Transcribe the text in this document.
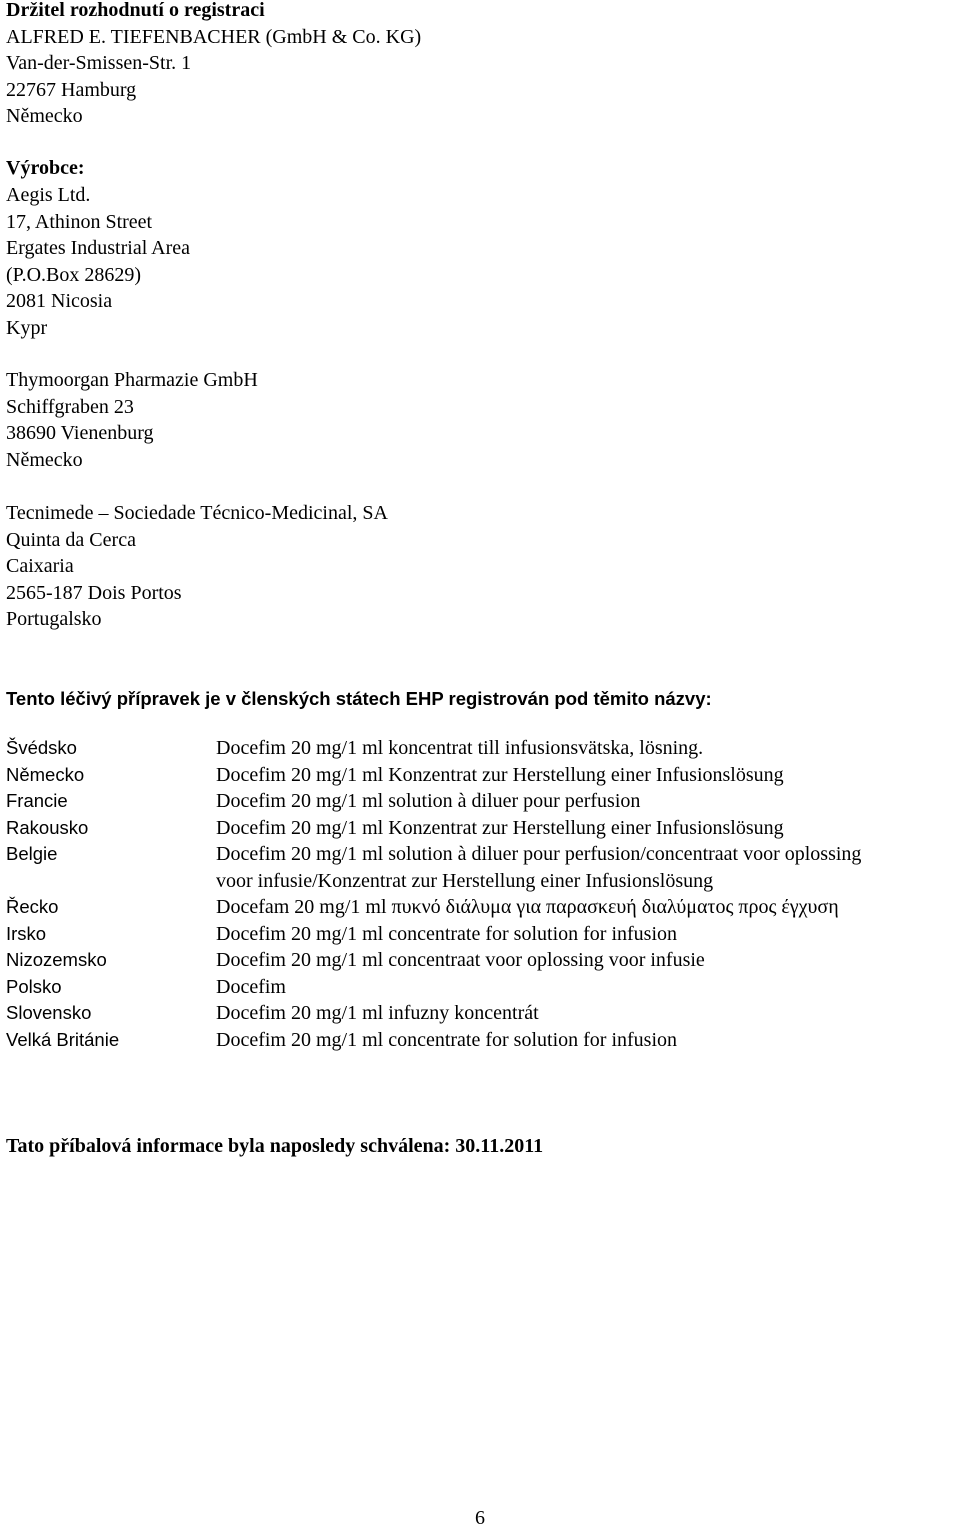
Držitel rozhodnutí o registraci
ALFRED E. TIEFENBACHER (GmbH & Co. KG)
Van-der-Smissen-Str. 1
22767 Hamburg
Německo
Výrobce:
Aegis Ltd.
17, Athinon Street
Ergates Industrial Area
(P.O.Box 28629)
2081 Nicosia
Kypr
Thymoorgan Pharmazie GmbH
Schiffgraben 23
38690 Vienenburg
Německo
Tecnimede – Sociedade Técnico-Medicinal, SA
Quinta da Cerca
Caixaria
2565-187 Dois Portos
Portugalsko
Tento léčivý přípravek je v členských státech EHP registrován pod těmito názvy:
Švédsko	Docefim 20 mg/1 ml koncentrat till infusionsvätska, lösning.
Německo	Docefim 20 mg/1 ml Konzentrat zur Herstellung einer Infusionslösung
Francie	Docefim 20 mg/1 ml solution à diluer pour perfusion
Rakousko	Docefim 20 mg/1 ml Konzentrat zur Herstellung einer Infusionslösung
Belgie	Docefim 20 mg/1 ml solution à diluer pour perfusion/concentraat voor oplossing
voor infusie/Konzentrat zur Herstellung einer Infusionslösung
Řecko	Docefam 20 mg/1 ml πυκνό διάλυμα για παρασκευή διαλύματος προς έγχυση
Irsko	Docefim 20 mg/1 ml concentrate for solution for infusion
Nizozemsko	Docefim 20 mg/1 ml concentraat voor oplossing voor infusie
Polsko	Docefim
Slovensko	Docefim 20 mg/1 ml infuzny koncentrát
Velká Británie	Docefim 20 mg/1 ml concentrate for solution for infusion
Tato příbalová informace byla naposledy schválena: 30.11.2011
6
